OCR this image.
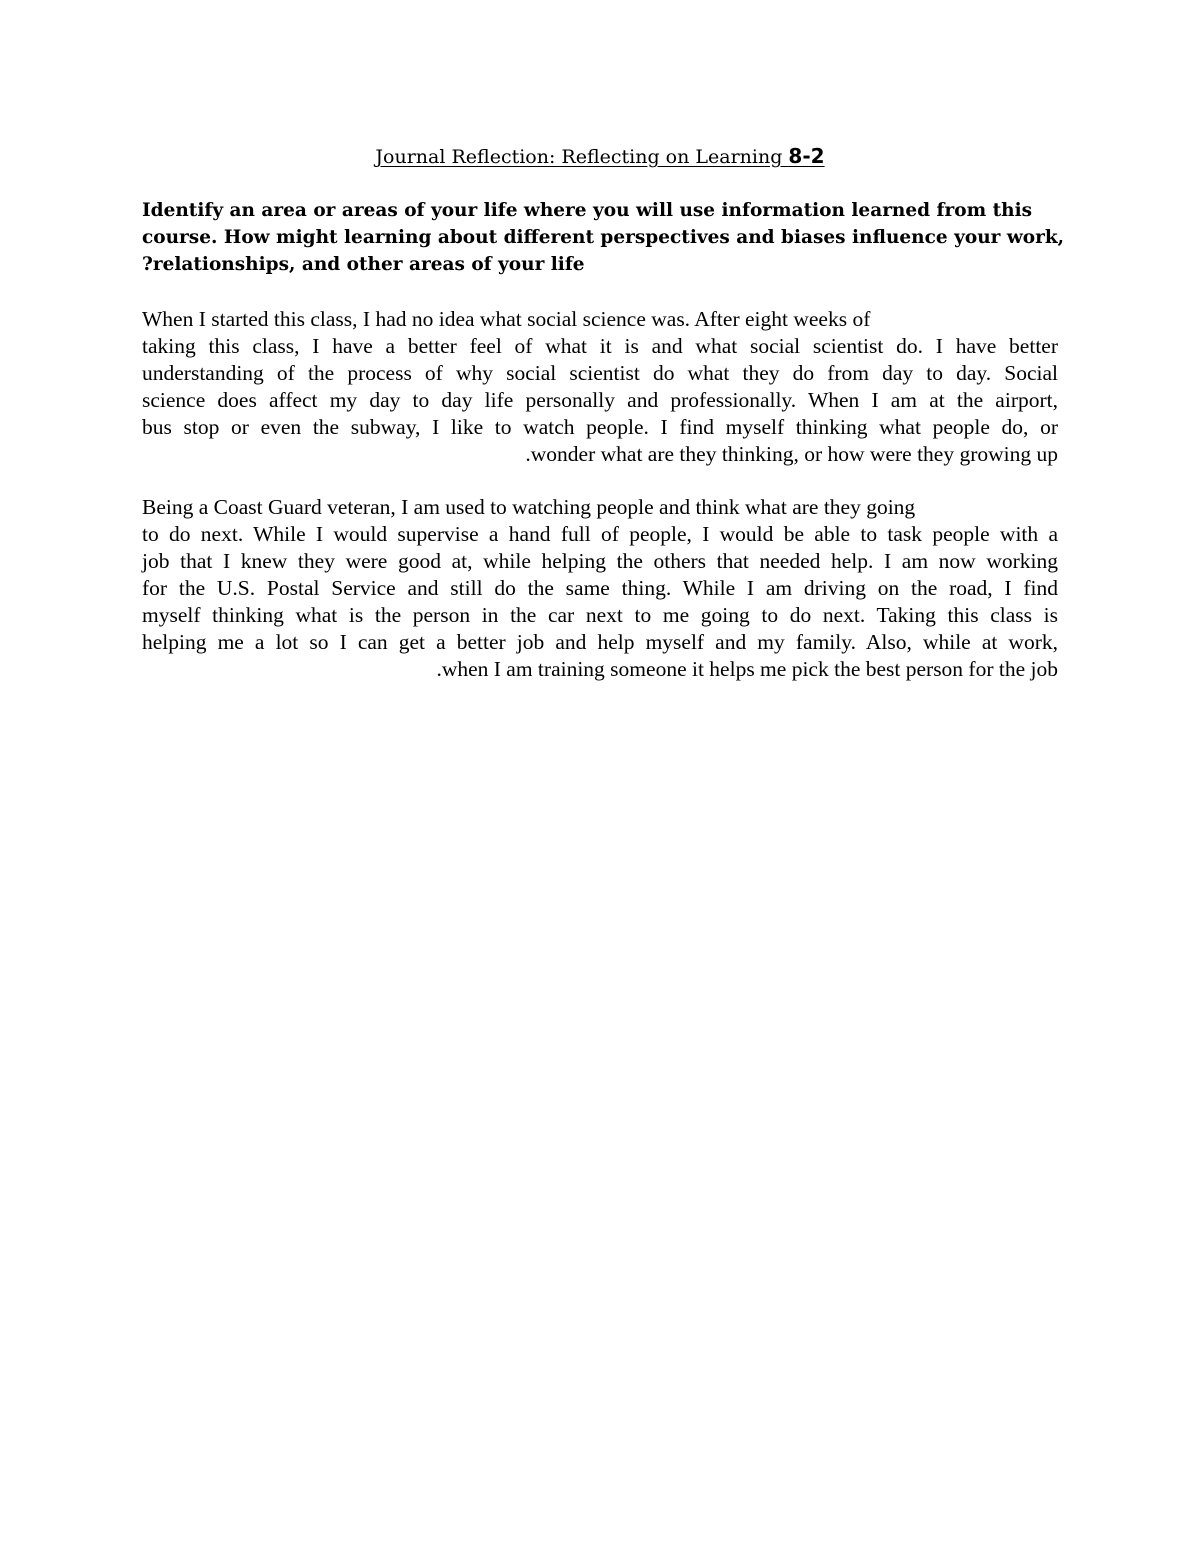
Journal Reflection: Reflecting on Learning 8-2
Identify an area or areas of your life where you will use information learned from this
course. How might learning about different perspectives and biases influence your work,
?relationships, and other areas of your life
When I started this class, I had no idea what social science was. After eight weeks of
taking this class, I have a better feel of what it is and what social scientist do. I have better
understanding of the process of why social scientist do what they do from day to day. Social
science does affect my day to day life personally and professionally. When I am at the airport,
bus stop or even the subway, I like to watch people. I find myself thinking what people do, or
.wonder what are they thinking, or how were they growing up
Being a Coast Guard veteran, I am used to watching people and think what are they going
to do next. While I would supervise a hand full of people, I would be able to task people with a
job that I knew they were good at, while helping the others that needed help. I am now working
for the U.S. Postal Service and still do the same thing. While I am driving on the road, I find
myself thinking what is the person in the car next to me going to do next. Taking this class is
helping me a lot so I can get a better job and help myself and my family. Also, while at work,
.when I am training someone it helps me pick the best person for the job
